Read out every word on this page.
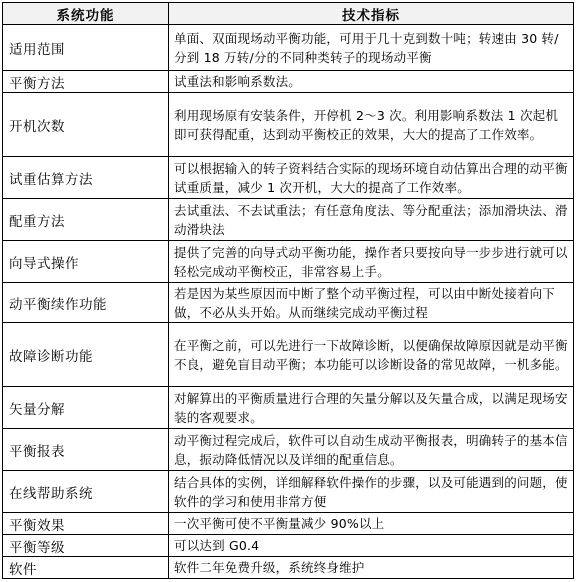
系统功能	技术指标
适用范围	单面、双面现场动平衡功能，可用于几十克到数十吨；转速由 30 转/分到 18 万转/分的不同种类转子的现场动平衡
平衡方法	试重法和影响系数法。
开机次数	利用现场原有安装条件，开停机 2～3 次。利用影响系数法 1 次起机即可获得配重，达到动平衡校正的效果，大大的提高了工作效率。
试重估算方法	可以根据输入的转子资料结合实际的现场环境自动估算出合理的动平衡试重质量，减少 1 次开机，大大的提高了工作效率。
配重方法	去试重法、不去试重法；有任意角度法、等分配重法；添加滑块法、滑动滑块法
向导式操作	提供了完善的向导式动平衡功能，操作者只要按向导一步步进行就可以轻松完成动平衡校正，非常容易上手。
动平衡续作功能	若是因为某些原因而中断了整个动平衡过程，可以由中断处接着向下做，不必从头开始。从而继续完成动平衡过程
故障诊断功能	在平衡之前，可以先进行一下故障诊断，以便确保故障原因就是动平衡不良，避免盲目动平衡；本功能可以诊断设备的常见故障，一机多能。
矢量分解	对解算出的平衡质量进行合理的矢量分解以及矢量合成，以满足现场安装的客观要求。
平衡报表	动平衡过程完成后，软件可以自动生成动平衡报表，明确转子的基本信息，振动降低情况以及详细的配重信息。
在线帮助系统	结合具体的实例，详细解释软件操作的步骤，以及可能遇到的问题，使软件的学习和使用非常方便
平衡效果	一次平衡可使不平衡量减少 90%以上
平衡等级	可以达到 G0.4
软件	软件二年免费升级，系统终身维护
